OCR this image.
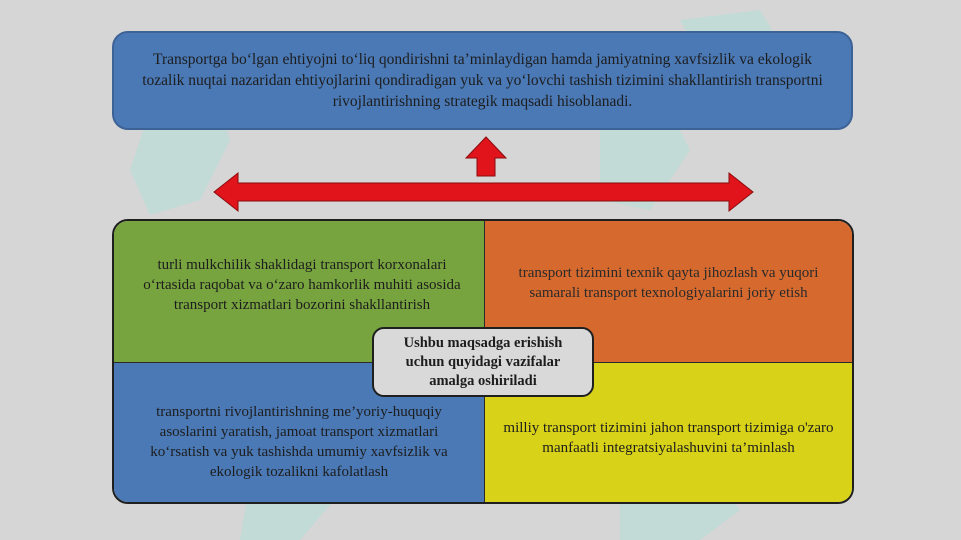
Transportga bo‘lgan ehtiyojni to‘liq qondirishni ta’minlaydigan hamda jamiyatning xavfsizlik va ekologik tozalik nuqtai nazaridan ehtiyojlarini qondiradigan yuk va yo‘lovchi tashish tizimini shakllantirish transportni rivojlantirishning strategik maqsadi hisoblanadi.
turli mulkchilik shaklidagi transport korxonalari o‘rtasida raqobat va o‘zaro hamkorlik muhiti asosida transport xizmatlari bozorini shakllantirish
transport tizimini texnik qayta jihozlash va yuqori samarali transport texnologiyalarini joriy etish
transportni rivojlantirishning me’yoriy-huquqiy asoslarini yaratish, jamoat transport xizmatlari ko‘rsatish va yuk tashishda umumiy xavfsizlik va ekologik tozalikni kafolatlash
milliy transport tizimini jahon transport tizimiga o'zaro manfaatli integratsiyalashuvini ta’minlash
Ushbu maqsadga erishish uchun quyidagi vazifalar amalga oshiriladi
